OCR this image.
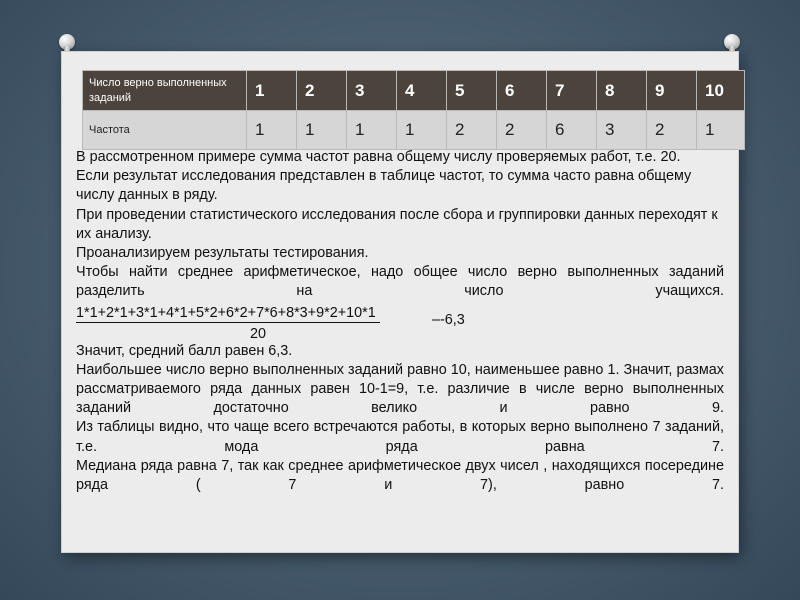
Число верно выполненных заданий	1	2	3	4	5	6	7	8	9	10
Частота	1	1	1	1	2	2	6	3	2	1

В рассмотренном примере сумма частот равна общему числу проверяемых работ, т.е. 20.

Если результат исследования представлен в таблице частот, то сумма часто равна общему числу данных в ряду.

При проведении статистического исследования после сбора и группировки данных переходят к их анализу.

Проанализируем результаты тестирования.

Чтобы найти среднее арифметическое, надо общее число верно выполненных заданий разделить на число учащихся.

1*1+2*1+3*1+4*1+5*2+6*2+7*6+8*3+9*2+10*1
20
–-6,3

Значит, средний балл равен 6,3.

Наибольшее число верно выполненных заданий равно 10, наименьшее равно 1. Значит, размах рассматриваемого ряда данных равен 10-1=9, т.е. различие в числе верно выполненных заданий достаточно велико и равно 9.

Из таблицы видно, что чаще всего встречаются работы, в которых верно выполнено 7 заданий, т.е. мода ряда равна 7.

Медиана ряда равна 7, так как среднее арифметическое двух чисел , находящихся посередине ряда ( 7 и 7), равно 7.
